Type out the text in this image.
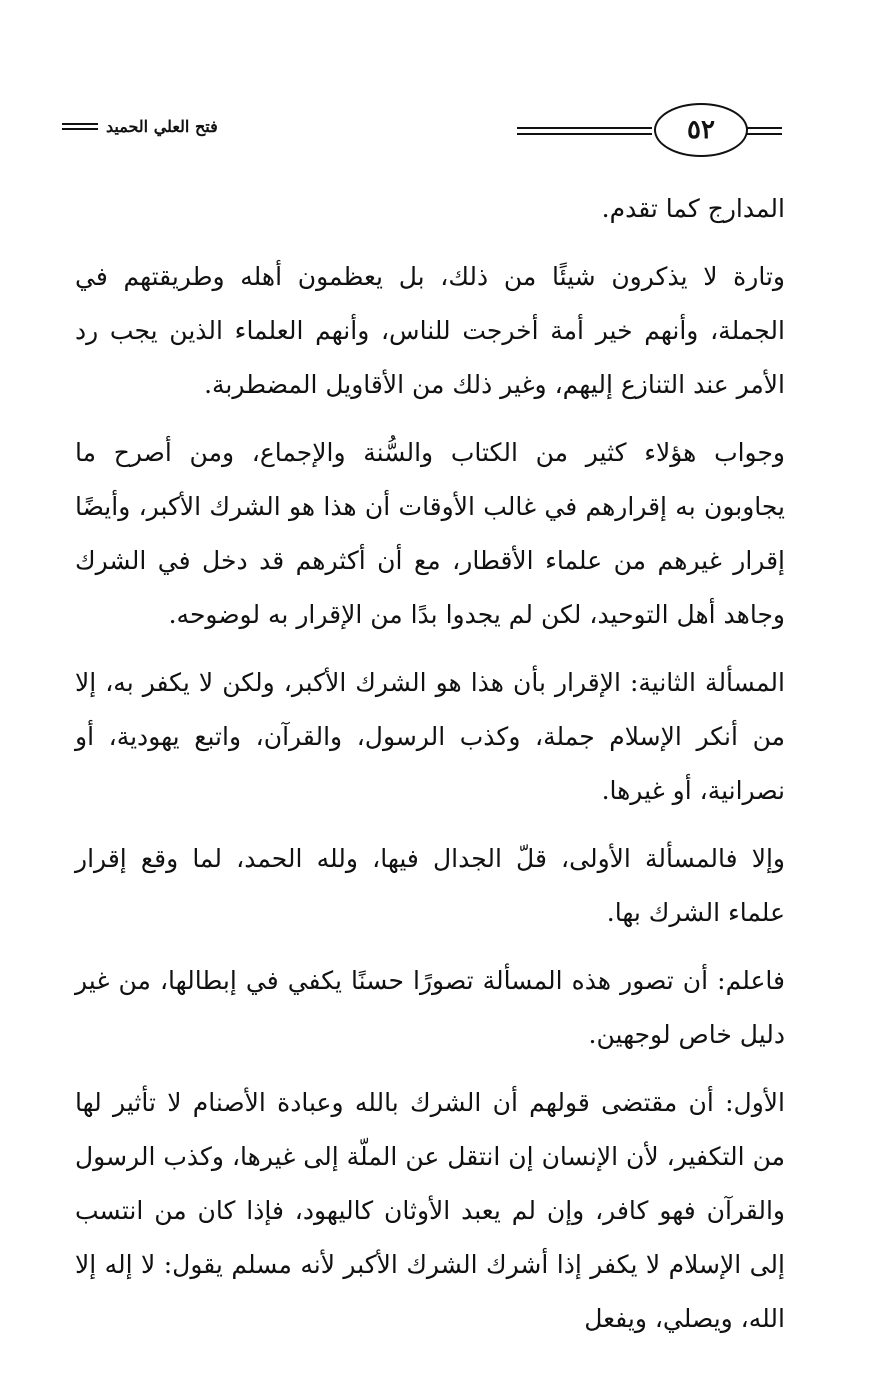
فتح العلي الحميد	٥٢

المدارج كما تقدم.

وتارة لا يذكرون شيئًا من ذلك، بل يعظمون أهله وطريقتهم في الجملة، وأنهم خير أمة أخرجت للناس، وأنهم العلماء الذين يجب رد الأمر عند التنازع إليهم، وغير ذلك من الأقاويل المضطربة.

وجواب هؤلاء كثير من الكتاب والسُّنة والإجماع، ومن أصرح ما يجاوبون به إقرارهم في غالب الأوقات أن هذا هو الشرك الأكبر، وأيضًا إقرار غيرهم من علماء الأقطار، مع أن أكثرهم قد دخل في الشرك وجاهد أهل التوحيد، لكن لم يجدوا بدًا من الإقرار به لوضوحه.

المسألة الثانية: الإقرار بأن هذا هو الشرك الأكبر، ولكن لا يكفر به، إلا من أنكر الإسلام جملة، وكذب الرسول، والقرآن، واتبع يهودية، أو نصرانية، أو غيرها.

وإلا فالمسألة الأولى، قلّ الجدال فيها، ولله الحمد، لما وقع إقرار علماء الشرك بها.

فاعلم: أن تصور هذه المسألة تصورًا حسنًا يكفي في إبطالها، من غير دليل خاص لوجهين.

الأول: أن مقتضى قولهم أن الشرك بالله وعبادة الأصنام لا تأثير لها من التكفير، لأن الإنسان إن انتقل عن الملّة إلى غيرها، وكذب الرسول والقرآن فهو كافر، وإن لم يعبد الأوثان كاليهود، فإذا كان من انتسب إلى الإسلام لا يكفر إذا أشرك الشرك الأكبر لأنه مسلم يقول: لا إله إلا الله، ويصلي، ويفعل
